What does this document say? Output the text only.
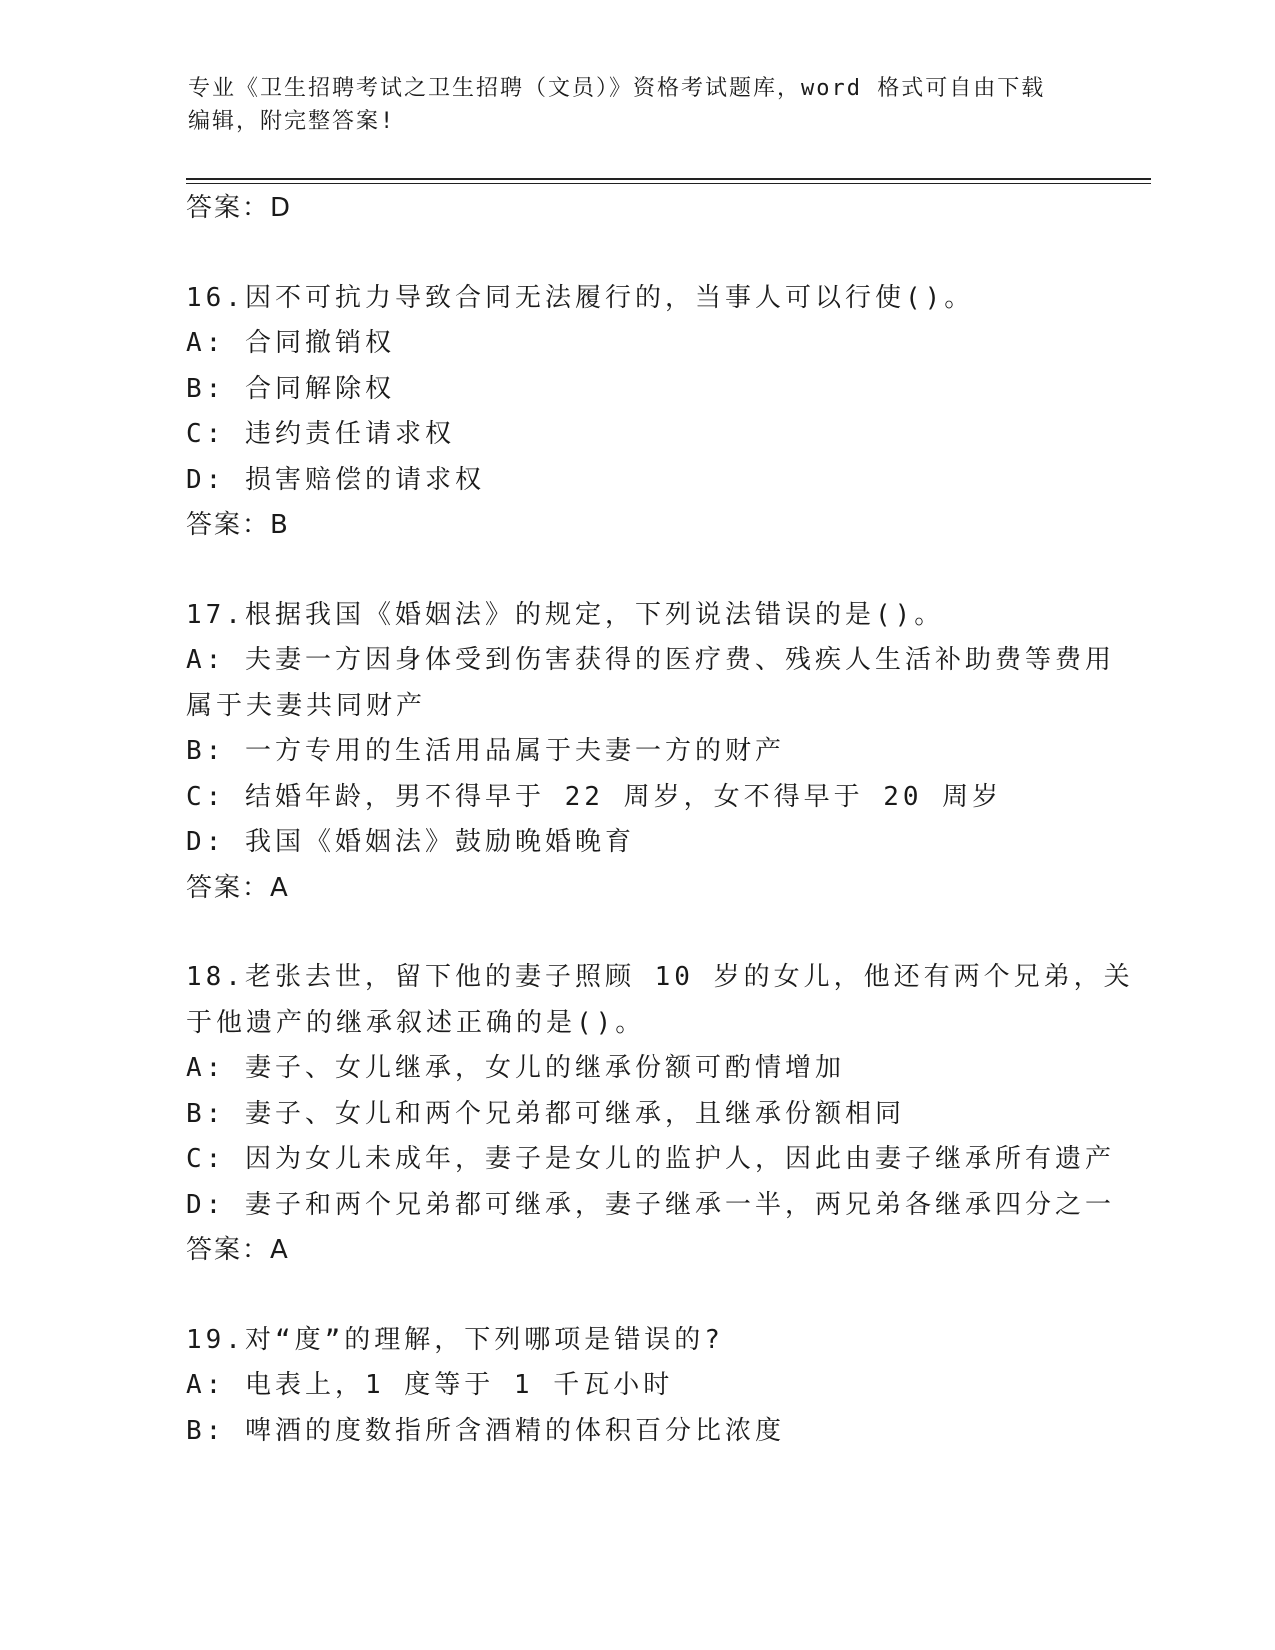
专业《卫生招聘考试之卫生招聘（文员）》资格考试题库，word 格式可自由下载
编辑，附完整答案!
答案：D
16.因不可抗力导致合同无法履行的，当事人可以行使()。
A: 合同撤销权
B: 合同解除权
C: 违约责任请求权
D: 损害赔偿的请求权
答案：B
17.根据我国《婚姻法》的规定，下列说法错误的是()。
A: 夫妻一方因身体受到伤害获得的医疗费、残疾人生活补助费等费用
属于夫妻共同财产
B: 一方专用的生活用品属于夫妻一方的财产
C: 结婚年龄，男不得早于 22 周岁，女不得早于 20 周岁
D: 我国《婚姻法》鼓励晚婚晚育
答案：A
18.老张去世，留下他的妻子照顾 10 岁的女儿，他还有两个兄弟，关
于他遗产的继承叙述正确的是()。
A: 妻子、女儿继承，女儿的继承份额可酌情增加
B: 妻子、女儿和两个兄弟都可继承，且继承份额相同
C: 因为女儿未成年，妻子是女儿的监护人，因此由妻子继承所有遗产
D: 妻子和两个兄弟都可继承，妻子继承一半，两兄弟各继承四分之一
答案：A
19.对“度”的理解，下列哪项是错误的?
A: 电表上，1 度等于 1 千瓦小时
B: 啤酒的度数指所含酒精的体积百分比浓度
